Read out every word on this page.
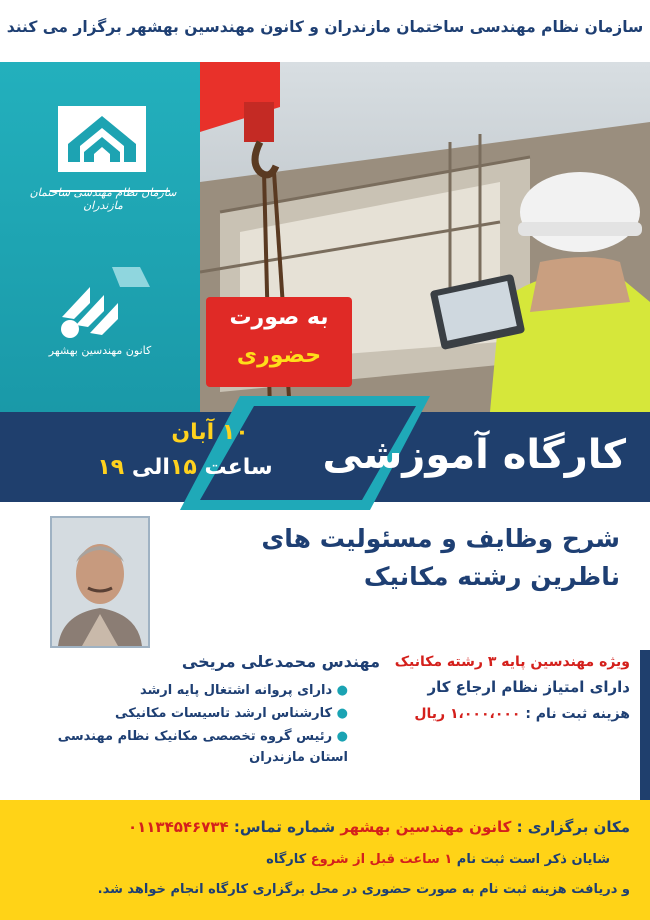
سازمان نظام مهندسی ساختمان مازندران و کانون مهندسین بهشهر برگزار می کنند
سازمان نظام مهندسی ساختمان مازندران
کانون مهندسین بهشهر
به صورت
حضوری
کارگاه آموزشی
۱۰ آبان
ساعت ۱۵الی ۱۹
شرح وظایف و مسئولیت های
ناظرین رشته مکانیک
مهندس محمدعلی مریخی
● دارای پروانه اشتغال پایه ارشد
● کارشناس ارشد تاسیسات مکانیکی
● رئیس گروه تخصصی مکانیک نظام مهندسی استان مازندران
ویژه مهندسین پایه ۳ رشته مکانیک
دارای امتیاز نظام ارجاع کار
هزینه ثبت نام : ۱،۰۰۰،۰۰۰ ریال
مکان برگزاری : کانون مهندسین بهشهر شماره تماس: ۰۱۱۳۴۵۴۶۷۳۴
شایان ذکر است ثبت نام ۱ ساعت قبل از شروع کارگاه
و دریافت هزینه ثبت نام به صورت حضوری در محل برگزاری کارگاه انجام خواهد شد.
